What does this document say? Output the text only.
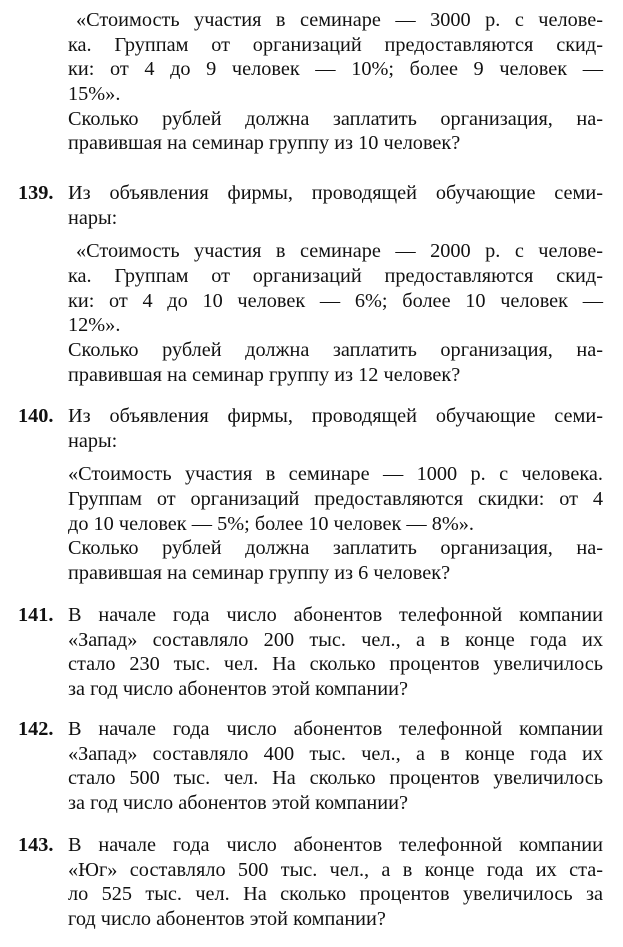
«Стоимость участия в семинаре — 3000 р. с челове-
ка. Группам от организаций предоставляются скид-
ки: от 4 до 9 человек — 10%; более 9 человек —
15%».
Сколько рублей должна заплатить организация, на-
правившая на семинар группу из 10 человек?
139. Из объявления фирмы, проводящей обучающие семи-
нары:
«Стоимость участия в семинаре — 2000 р. с челове-
ка. Группам от организаций предоставляются скид-
ки: от 4 до 10 человек — 6%; более 10 человек —
12%».
Сколько рублей должна заплатить организация, на-
правившая на семинар группу из 12 человек?
140. Из объявления фирмы, проводящей обучающие семи-
нары:
«Стоимость участия в семинаре — 1000 р. с человека.
Группам от организаций предоставляются скидки: от 4
до 10 человек — 5%; более 10 человек — 8%».
Сколько рублей должна заплатить организация, на-
правившая на семинар группу из 6 человек?
141. В начале года число абонентов телефонной компании
«Запад» составляло 200 тыс. чел., а в конце года их
стало 230 тыс. чел. На сколько процентов увеличилось
за год число абонентов этой компании?
142. В начале года число абонентов телефонной компании
«Запад» составляло 400 тыс. чел., а в конце года их
стало 500 тыс. чел. На сколько процентов увеличилось
за год число абонентов этой компании?
143. В начале года число абонентов телефонной компании
«Юг» составляло 500 тыс. чел., а в конце года их ста-
ло 525 тыс. чел. На сколько процентов увеличилось за
год число абонентов этой компании?
